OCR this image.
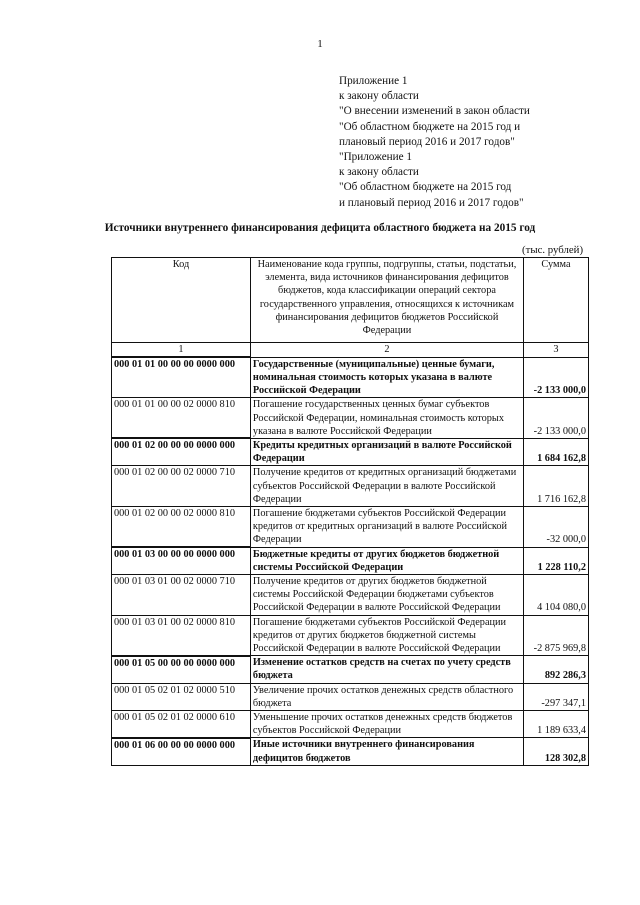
1
Приложение 1
к закону области
"О внесении изменений в закон области
"Об областном бюджете на 2015 год и
плановый период 2016 и 2017 годов"
"Приложение 1
к закону области
"Об областном бюджете на 2015 год
и плановый период 2016 и 2017 годов"
Источники внутреннего финансирования дефицита областного бюджета на 2015 год
(тыс. рублей)
Код	Наименование кода группы, подгруппы, статьи, подстатьи, элемента, вида источников финансирования дефицитов бюджетов, кода классификации операций сектора государственного управления, относящихся к источникам финансирования дефицитов бюджетов Российской Федерации	Сумма
1	2	3
000 01 01 00 00 00 0000 000	Государственные (муниципальные) ценные бумаги, номинальная стоимость которых указана в валюте Российской Федерации	-2 133 000,0
000 01 01 00 00 02 0000 810	Погашение государственных ценных бумаг субъектов Российской Федерации, номинальная стоимость которых указана в валюте Российской Федерации	-2 133 000,0
000 01 02 00 00 00 0000 000	Кредиты кредитных организаций в валюте Российской Федерации	1 684 162,8
000 01 02 00 00 02 0000 710	Получение кредитов от кредитных организаций бюджетами субъектов Российской Федерации в валюте Российской Федерации	1 716 162,8
000 01 02 00 00 02 0000 810	Погашение бюджетами субъектов Российской Федерации кредитов от кредитных организаций в валюте Российской Федерации	-32 000,0
000 01 03 00 00 00 0000 000	Бюджетные кредиты от других бюджетов бюджетной системы Российской Федерации	1 228 110,2
000 01 03 01 00 02 0000 710	Получение кредитов от других бюджетов бюджетной системы Российской Федерации бюджетами субъектов Российской Федерации в валюте Российской Федерации	4 104 080,0
000 01 03 01 00 02 0000 810	Погашение бюджетами субъектов Российской Федерации кредитов от других бюджетов бюджетной системы Российской Федерации в валюте Российской Федерации	-2 875 969,8
000 01 05 00 00 00 0000 000	Изменение остатков средств на счетах по учету средств бюджета	892 286,3
000 01 05 02 01 02 0000 510	Увеличение прочих остатков денежных средств областного бюджета	-297 347,1
000 01 05 02 01 02 0000 610	Уменьшение прочих остатков денежных средств бюджетов субъектов Российской Федерации	1 189 633,4
000 01 06 00 00 00 0000 000	Иные источники внутреннего финансирования дефицитов бюджетов	128 302,8
